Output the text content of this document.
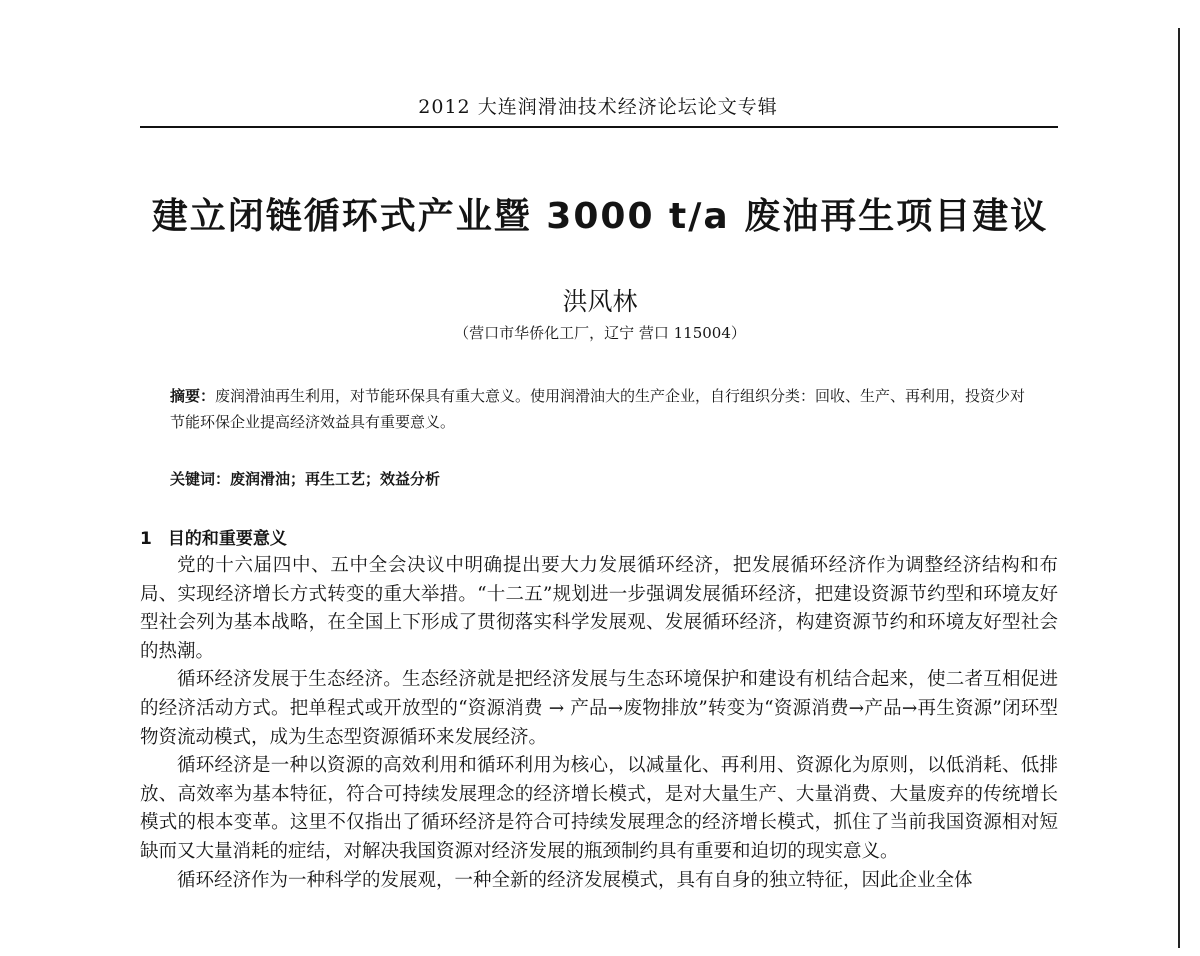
2012 大连润滑油技术经济论坛论文专辑
建立闭链循环式产业暨 3000 t/a 废油再生项目建议
洪风林
（营口市华侨化工厂，辽宁 营口 115004）
摘要：废润滑油再生利用，对节能环保具有重大意义。使用润滑油大的生产企业，自行组织分类：回收、生产、再利用，投资少对节能环保企业提高经济效益具有重要意义。
关键词：废润滑油；再生工艺；效益分析
1 目的和重要意义

党的十六届四中、五中全会决议中明确提出要大力发展循环经济，把发展循环经济作为调整经济结构和布局、实现经济增长方式转变的重大举措。“十二五”规划进一步强调发展循环经济，把建设资源节约型和环境友好型社会列为基本战略，在全国上下形成了贯彻落实科学发展观、发展循环经济，构建资源节约和环境友好型社会的热潮。

循环经济发展于生态经济。生态经济就是把经济发展与生态环境保护和建设有机结合起来，使二者互相促进的经济活动方式。把单程式或开放型的“资源消费 → 产品→废物排放”转变为“资源消费→产品→再生资源”闭环型物资流动模式，成为生态型资源循环来发展经济。

循环经济是一种以资源的高效利用和循环利用为核心，以减量化、再利用、资源化为原则，以低消耗、低排放、高效率为基本特征，符合可持续发展理念的经济增长模式，是对大量生产、大量消费、大量废弃的传统增长模式的根本变革。这里不仅指出了循环经济是符合可持续发展理念的经济增长模式，抓住了当前我国资源相对短缺而又大量消耗的症结，对解决我国资源对经济发展的瓶颈制约具有重要和迫切的现实意义。

循环经济作为一种科学的发展观，一种全新的经济发展模式，具有自身的独立特征，因此企业全体
